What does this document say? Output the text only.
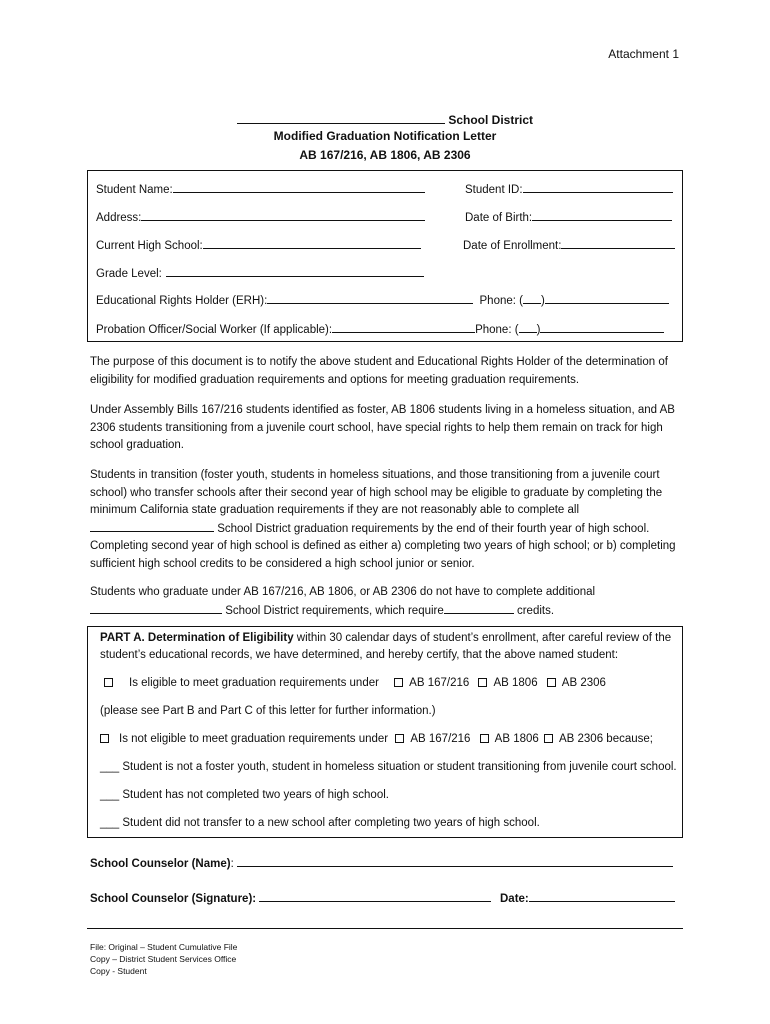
Attachment 1
School District
Modified Graduation Notification Letter
AB 167/216, AB 1806, AB 2306
Student Name:	Student ID:
Address:	Date of Birth:
Current High School:	Date of Enrollment:
Grade Level:
Educational Rights Holder (ERH):	Phone: ( )
Probation Officer/Social Worker (If applicable):	Phone: ( )

The purpose of this document is to notify the above student and Educational Rights Holder of the determination of eligibility for modified graduation requirements and options for meeting graduation requirements.

Under Assembly Bills 167/216 students identified as foster, AB 1806 students living in a homeless situation, and AB 2306 students transitioning from a juvenile court school, have special rights to help them remain on track for high school graduation.

Students in transition (foster youth, students in homeless situations, and those transitioning from a juvenile court school) who transfer schools after their second year of high school may be eligible to graduate by completing the minimum California state graduation requirements if they are not reasonably able to complete all  School District graduation requirements by the end of their fourth year of high school. Completing second year of high school is defined as either a) completing two years of high school; or b) completing sufficient high school credits to be considered a high school junior or senior.

Students who graduate under AB 167/216, AB 1806, or AB 2306 do not have to complete additional  School District requirements, which require	credits.

PART A. Determination of Eligibility within 30 calendar days of student’s enrollment, after careful review of the
student’s educational records, we have determined, and hereby certify, that the above named student:
Is eligible to meet graduation requirements under	AB 167/216 AB 1806 AB 2306
(please see Part B and Part C of this letter for further information.)
Is not eligible to meet graduation requirements under AB 167/216 AB 1806 AB 2306 because;
___ Student is not a foster youth, student in homeless situation or student transitioning from juvenile court school.
___ Student has not completed two years of high school.
___ Student did not transfer to a new school after completing two years of high school.
School Counselor (Name):
School Counselor (Signature):	Date:
File: Original – Student Cumulative File
Copy – District Student Services Office
Copy - Student
